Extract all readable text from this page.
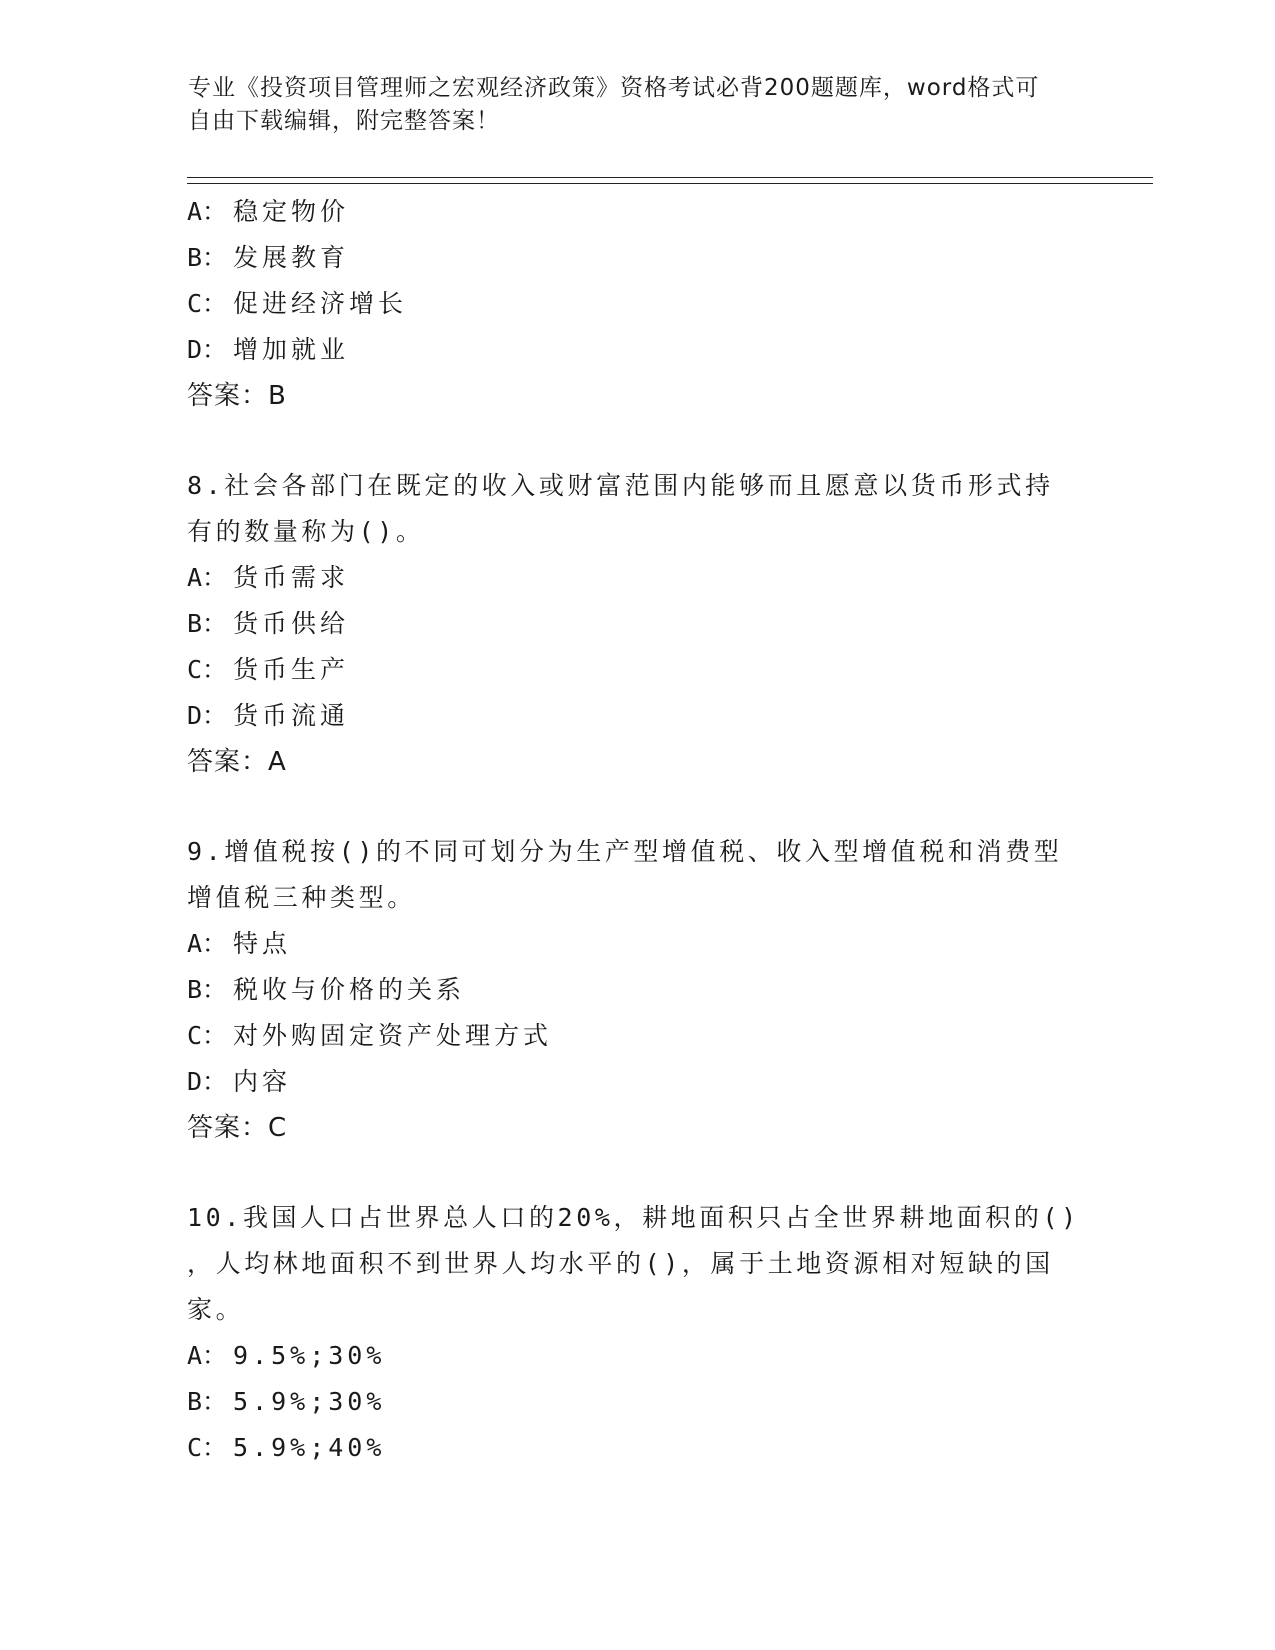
专业《投资项目管理师之宏观经济政策》资格考试必背200题题库，word格式可
自由下载编辑，附完整答案！
A： 稳定物价
B： 发展教育
C： 促进经济增长
D： 增加就业
答案：B
8.社会各部门在既定的收入或财富范围内能够而且愿意以货币形式持
有的数量称为()。
A： 货币需求
B： 货币供给
C： 货币生产
D： 货币流通
答案：A
9.增值税按()的不同可划分为生产型增值税、收入型增值税和消费型
增值税三种类型。
A： 特点
B： 税收与价格的关系
C： 对外购固定资产处理方式
D： 内容
答案：C
10.我国人口占世界总人口的20%，耕地面积只占全世界耕地面积的()
，人均林地面积不到世界人均水平的()，属于土地资源相对短缺的国
家。
A： 9.5%;30%
B： 5.9%;30%
C： 5.9%;40%
